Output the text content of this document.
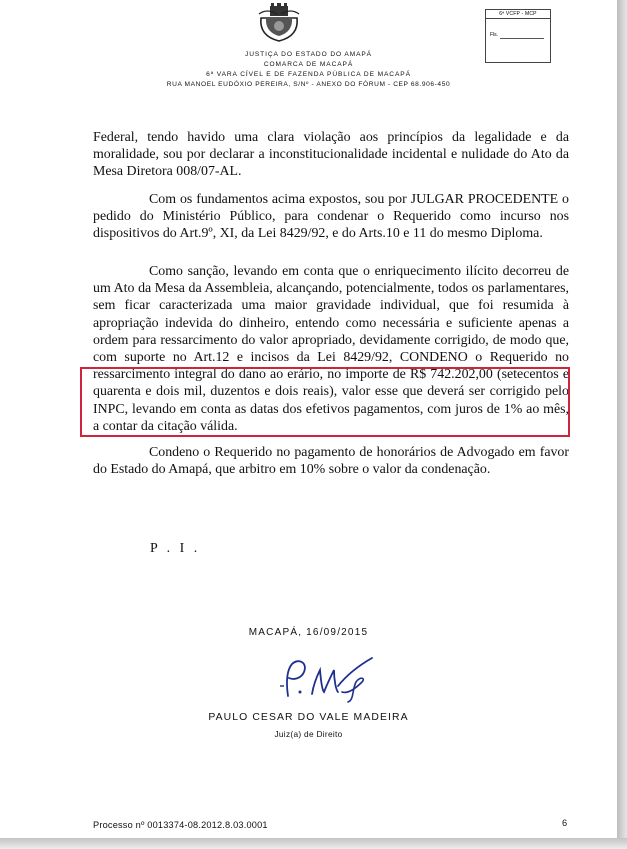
6ª VCFP - MCP
Fls.
JUSTIÇA DO ESTADO DO AMAPÁ
COMARCA DE MACAPÁ
6ª VARA CÍVEL E DE FAZENDA PÚBLICA DE MACAPÁ
RUA MANOEL EUDÓXIO PEREIRA, S/Nº - ANEXO DO FÓRUM - CEP 68.906-450

Federal, tendo havido uma clara violação aos princípios da legalidade e da moralidade, sou por declarar a inconstitucionalidade incidental e nulidade do Ato da Mesa Diretora 008/07-AL.

Com os fundamentos acima expostos, sou por JULGAR PROCEDENTE o pedido do Ministério Público, para condenar o Requerido como incurso nos dispositivos do Art.9º, XI, da Lei 8429/92, e do Arts.10 e 11 do mesmo Diploma.

Como sanção, levando em conta que o enriquecimento ilícito decorreu de um Ato da Mesa da Assembleia, alcançando, potencialmente, todos os parlamentares, sem ficar caracterizada uma maior gravidade individual, que foi resumida à apropriação indevida do dinheiro, entendo como necessária e suficiente apenas a ordem para ressarcimento do valor apropriado, devidamente corrigido, de modo que, com suporte no Art.12 e incisos da Lei 8429/92, CONDENO o Requerido no ressarcimento integral do dano ao erário, no importe de R$ 742.202,00 (setecentos e quarenta e dois mil, duzentos e dois reais), valor esse que deverá ser corrigido pelo INPC, levando em conta as datas dos efetivos pagamentos, com juros de 1% ao mês, a contar da citação válida.

Condeno o Requerido no pagamento de honorários de Advogado em favor do Estado do Amapá, que arbitro em 10% sobre o valor da condenação.

P . I .
MACAPÁ, 16/09/2015
PAULO CESAR DO VALE MADEIRA
Juiz(a) de Direito
Processo nº 0013374-08.2012.8.03.0001	6
